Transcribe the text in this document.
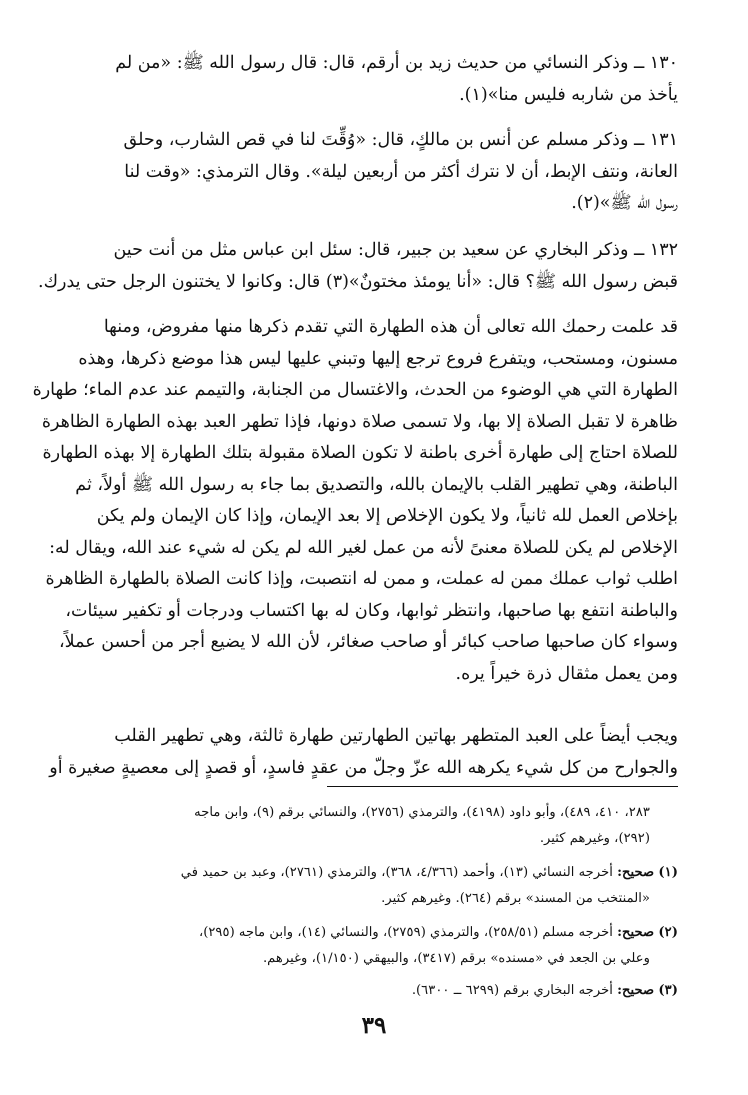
١٣٠ ــ وذكر النسائي من حديث زيد بن أرقم، قال: قال رسول الله ﷺ: «من لم
يأخذ من شاربه فليس منا»(١).
١٣١ ــ وذكر مسلم عن أنس بن مالكٍ، قال: «وُقِّتَ لنا في قص الشارب، وحلق
العانة، ونتف الإبط، أن لا نترك أكثر من أربعين ليلة». وقال الترمذي: «وقت لنا
رسول الله ﷺ»(٢).
١٣٢ ــ وذكر البخاري عن سعيد بن جبير، قال: سئل ابن عباس مثل من أنت حين
قبض رسول الله ﷺ؟ قال: «أنا يومئذ مختونٌ»(٣) قال: وكانوا لا يختنون الرجل حتى يدرك.
قد علمت رحمك الله تعالى أن هذه الطهارة التي تقدم ذكرها منها مفروض، ومنها
مسنون، ومستحب، ويتفرع فروع ترجع إليها وتبني عليها ليس هذا موضع ذكرها، وهذه
الطهارة التي هي الوضوء من الحدث، والاغتسال من الجنابة، والتيمم عند عدم الماء؛ طهارة
ظاهرة لا تقبل الصلاة إلا بها، ولا تسمى صلاة دونها، فإذا تطهر العبد بهذه الطهارة الظاهرة
للصلاة احتاج إلى طهارة أخرى باطنة لا تكون الصلاة مقبولة بتلك الطهارة إلا بهذه الطهارة
الباطنة، وهي تطهير القلب بالإيمان بالله، والتصديق بما جاء به رسول الله ﷺ أولاً، ثم
بإخلاص العمل لله ثانياً، ولا يكون الإخلاص إلا بعد الإيمان، وإذا كان الإيمان ولم يكن
الإخلاص لم يكن للصلاة معنىً لأنه من عمل لغير الله لم يكن له شيء عند الله، ويقال له:
اطلب ثواب عملك ممن له عملت، و ممن له انتصبت، وإذا كانت الصلاة بالطهارة الظاهرة
والباطنة انتفع بها صاحبها، وانتظر ثوابها، وكان له بها اكتساب ودرجات أو تكفير سيئات،
وسواء كان صاحبها صاحب كبائر أو صاحب صغائر، لأن الله لا يضيع أجر من أحسن عملاً،
ومن يعمل مثقال ذرة خيراً يره.
ويجب أيضاً على العبد المتطهر بهاتين الطهارتين طهارة ثالثة، وهي تطهير القلب
والجوارح من كل شيء يكرهه الله عزّ وجلّ من عقدٍ فاسدٍ، أو قصدٍ إلى معصيةٍ صغيرة أو
٢٨٣، ٤١٠، ٤٨٩)، وأبو داود (٤١٩٨)، والترمذي (٢٧٥٦)، والنسائي برقم (٩)، وابن ماجه
(٢٩٢)، وغيرهم كثير.
(١) صحيح: أخرجه النسائي (١٣)، وأحمد (٤/٣٦٦، ٣٦٨)، والترمذي (٢٧٦١)، وعبد بن حميد في
«المنتخب من المسند» برقم (٢٦٤). وغيرهم كثير.
(٢) صحيح: أخرجه مسلم (٢٥٨/٥١)، والترمذي (٢٧٥٩)، والنسائي (١٤)، وابن ماجه (٢٩٥)،
وعلي بن الجعد في «مسنده» برقم (٣٤١٧)، والبيهقي (١/١٥٠)، وغيرهم.
(٣) صحيح: أخرجه البخاري برقم (٦٢٩٩ ــ ٦٣٠٠).
٣٩
